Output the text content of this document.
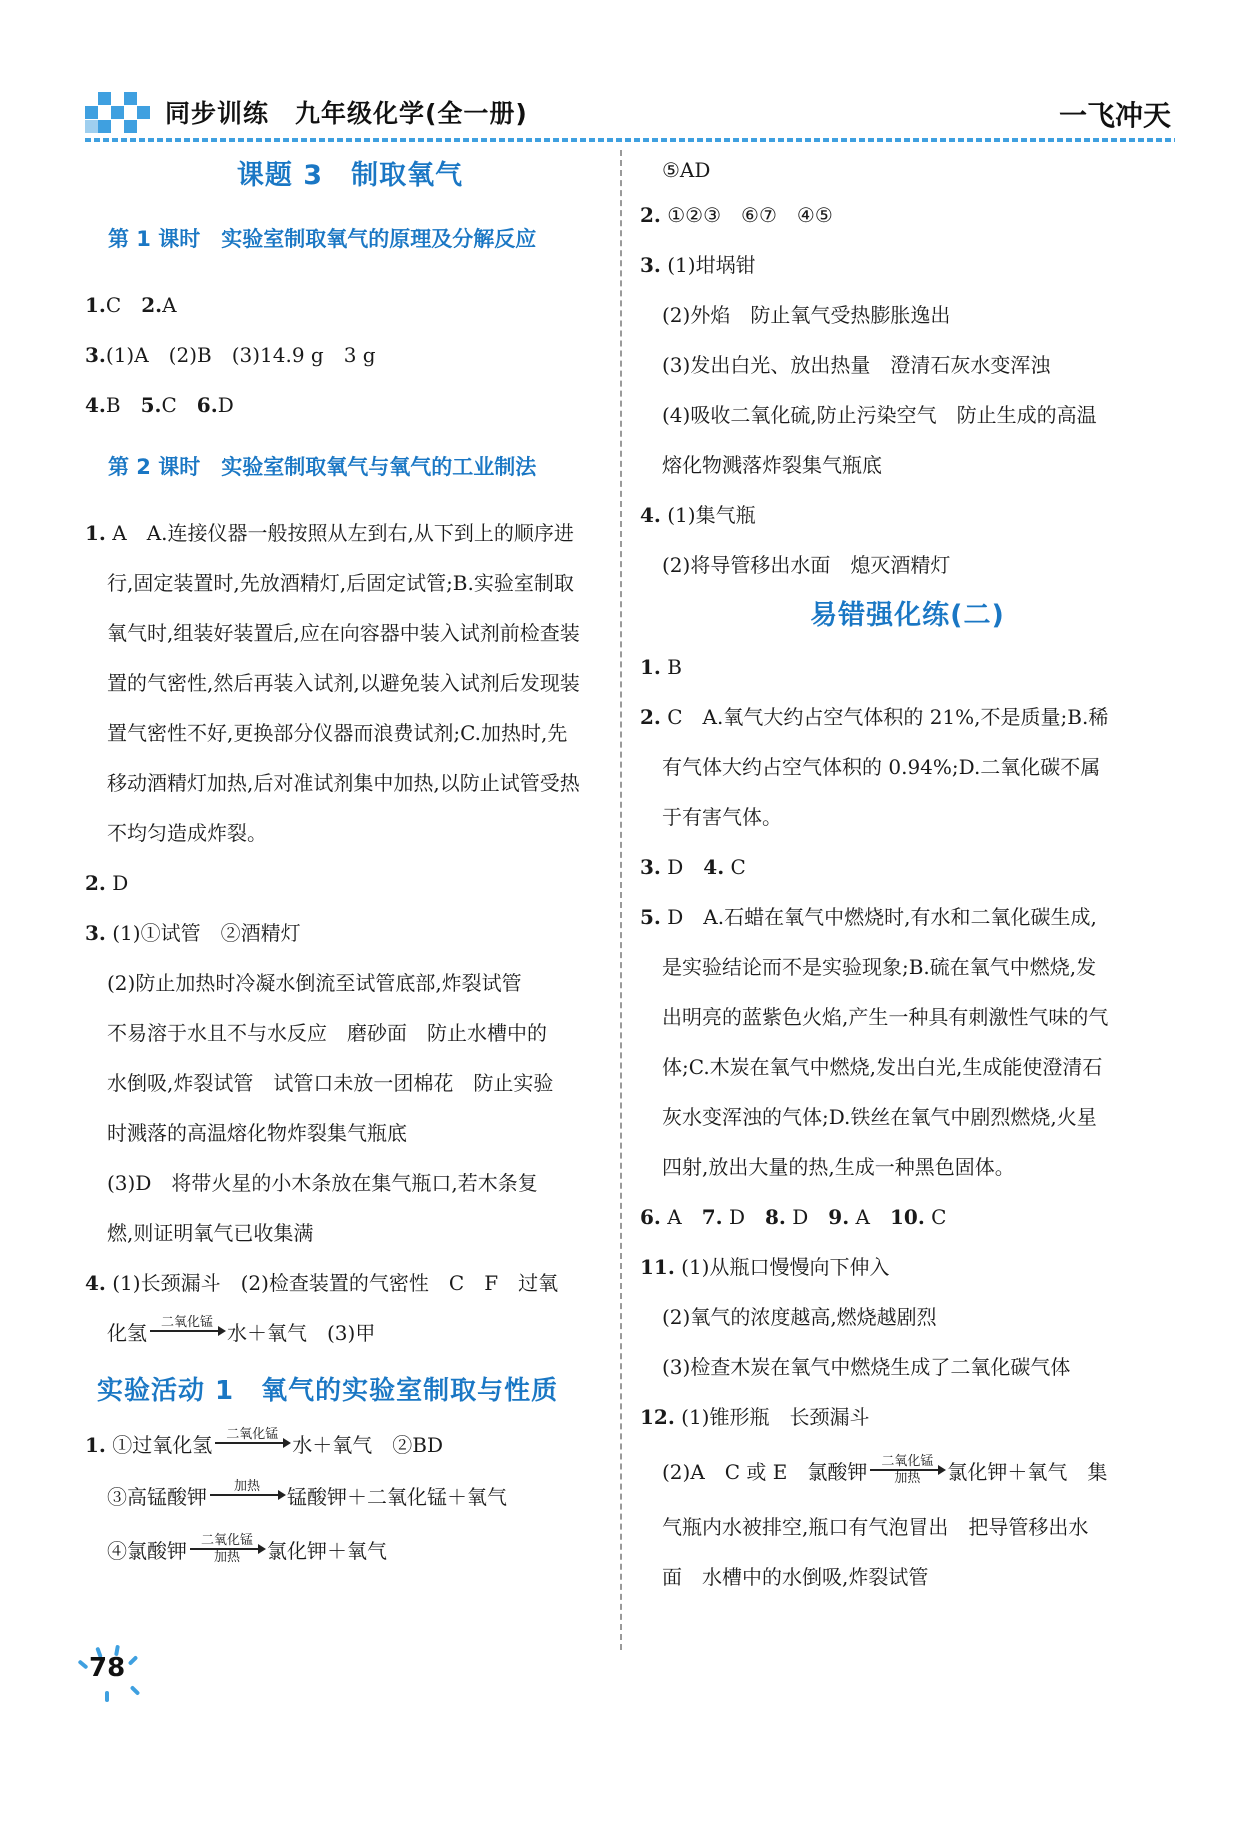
同步训练　九年级化学(全一册)	一飞冲天
课题 3　制取氧气
第 1 课时　实验室制取氧气的原理及分解反应
1.C　2.A
3.(1)A　(2)B　(3)14.9 g　3 g
4.B　5.C　6.D
第 2 课时　实验室制取氧气与氧气的工业制法
1. A　A.连接仪器一般按照从左到右,从下到上的顺序进
行,固定装置时,先放酒精灯,后固定试管;B.实验室制取
氧气时,组装好装置后,应在向容器中装入试剂前检查装
置的气密性,然后再装入试剂,以避免装入试剂后发现装
置气密性不好,更换部分仪器而浪费试剂;C.加热时,先
移动酒精灯加热,后对准试剂集中加热,以防止试管受热
不均匀造成炸裂。
2. D
3. (1)①试管　②酒精灯
(2)防止加热时冷凝水倒流至试管底部,炸裂试管
不易溶于水且不与水反应　磨砂面　防止水槽中的
水倒吸,炸裂试管　试管口未放一团棉花　防止实验
时溅落的高温熔化物炸裂集气瓶底
(3)D　将带火星的小木条放在集气瓶口,若木条复
燃,则证明氧气已收集满
4. (1)长颈漏斗　(2)检查装置的气密性　C　F　过氧
化氢 二氧化锰 水＋氧气　(3)甲
实验活动 1　氧气的实验室制取与性质
1. ①过氧化氢 二氧化锰 水＋氧气　②BD
③高锰酸钾 加热 锰酸钾＋二氧化锰＋氧气
④氯酸钾 二氧化锰
加热 氯化钾＋氧气
⑤AD
2. ①②③　⑥⑦　④⑤
3. (1)坩埚钳
(2)外焰　防止氧气受热膨胀逸出
(3)发出白光、放出热量　澄清石灰水变浑浊
(4)吸收二氧化硫,防止污染空气　防止生成的高温
熔化物溅落炸裂集气瓶底
4. (1)集气瓶
(2)将导管移出水面　熄灭酒精灯
易错强化练(二)
1. B
2. C　A.氧气大约占空气体积的 21%,不是质量;B.稀
有气体大约占空气体积的 0.94%;D.二氧化碳不属
于有害气体。
3. D　4. C
5. D　A.石蜡在氧气中燃烧时,有水和二氧化碳生成,
是实验结论而不是实验现象;B.硫在氧气中燃烧,发
出明亮的蓝紫色火焰,产生一种具有刺激性气味的气
体;C.木炭在氧气中燃烧,发出白光,生成能使澄清石
灰水变浑浊的气体;D.铁丝在氧气中剧烈燃烧,火星
四射,放出大量的热,生成一种黑色固体。
6. A　7. D　8. D　9. A　10. C
11. (1)从瓶口慢慢向下伸入
(2)氧气的浓度越高,燃烧越剧烈
(3)检查木炭在氧气中燃烧生成了二氧化碳气体
12. (1)锥形瓶　长颈漏斗
(2)A　C 或 E　氯酸钾 二氧化锰
加热 氯化钾＋氧气　集
气瓶内水被排空,瓶口有气泡冒出　把导管移出水
面　水槽中的水倒吸,炸裂试管
78
